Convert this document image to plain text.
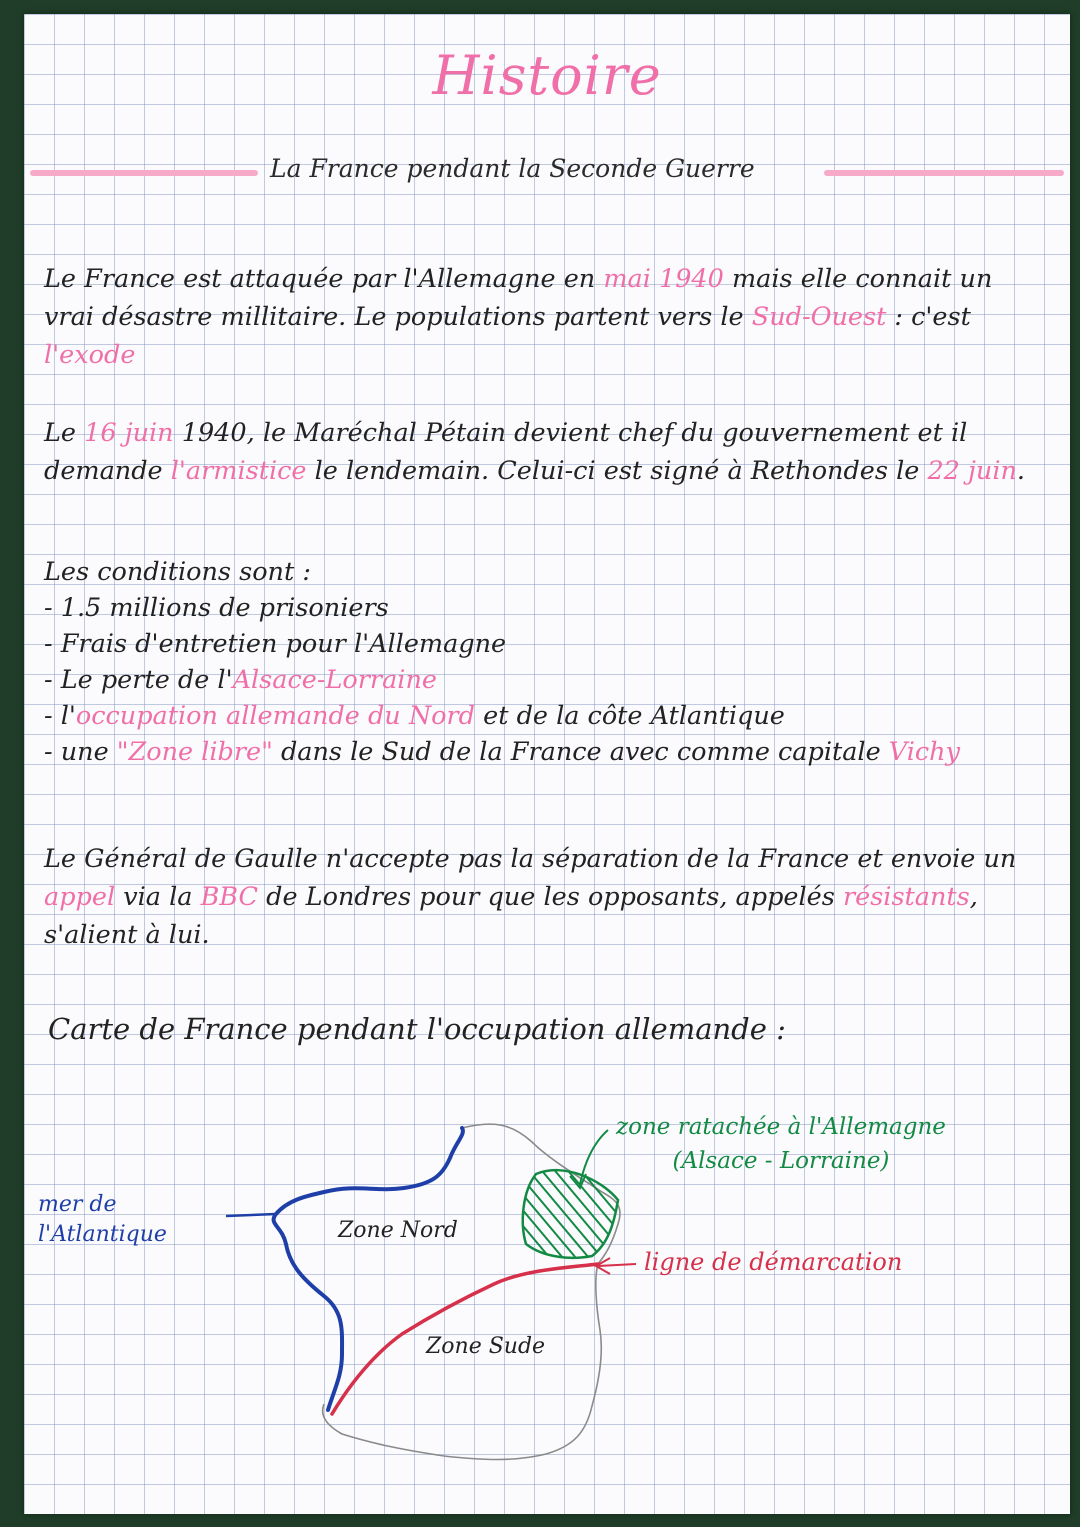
Histoire
La France pendant la Seconde Guerre
Le France est attaquée par l'Allemagne en mai 1940 mais elle connait un vrai désastre millitaire. Le populations partent vers le Sud-Ouest : c'est l'exode
Le 16 juin 1940, le Maréchal Pétain devient chef du gouvernement et il demande l'armistice le lendemain. Celui-ci est signé à Rethondes le 22 juin.
Les conditions sont :
- 1.5 millions de prisoniers
- Frais d'entretien pour l'Allemagne
- Le perte de l'Alsace-Lorraine
- l'occupation allemande du Nord et de la côte Atlantique
- une "Zone libre" dans le Sud de la France avec comme capitale Vichy
Le Général de Gaulle n'accepte pas la séparation de la France et envoie un appel via la BBC de Londres pour que les opposants, appelés résistants, s'alient à lui.
Carte de France pendant l'occupation allemande :
mer de
l'Atlantique	Zone Nord
Zone Sude
zone ratachée à l'Allemagne
(Alsace - Lorraine)
ligne de démarcation
